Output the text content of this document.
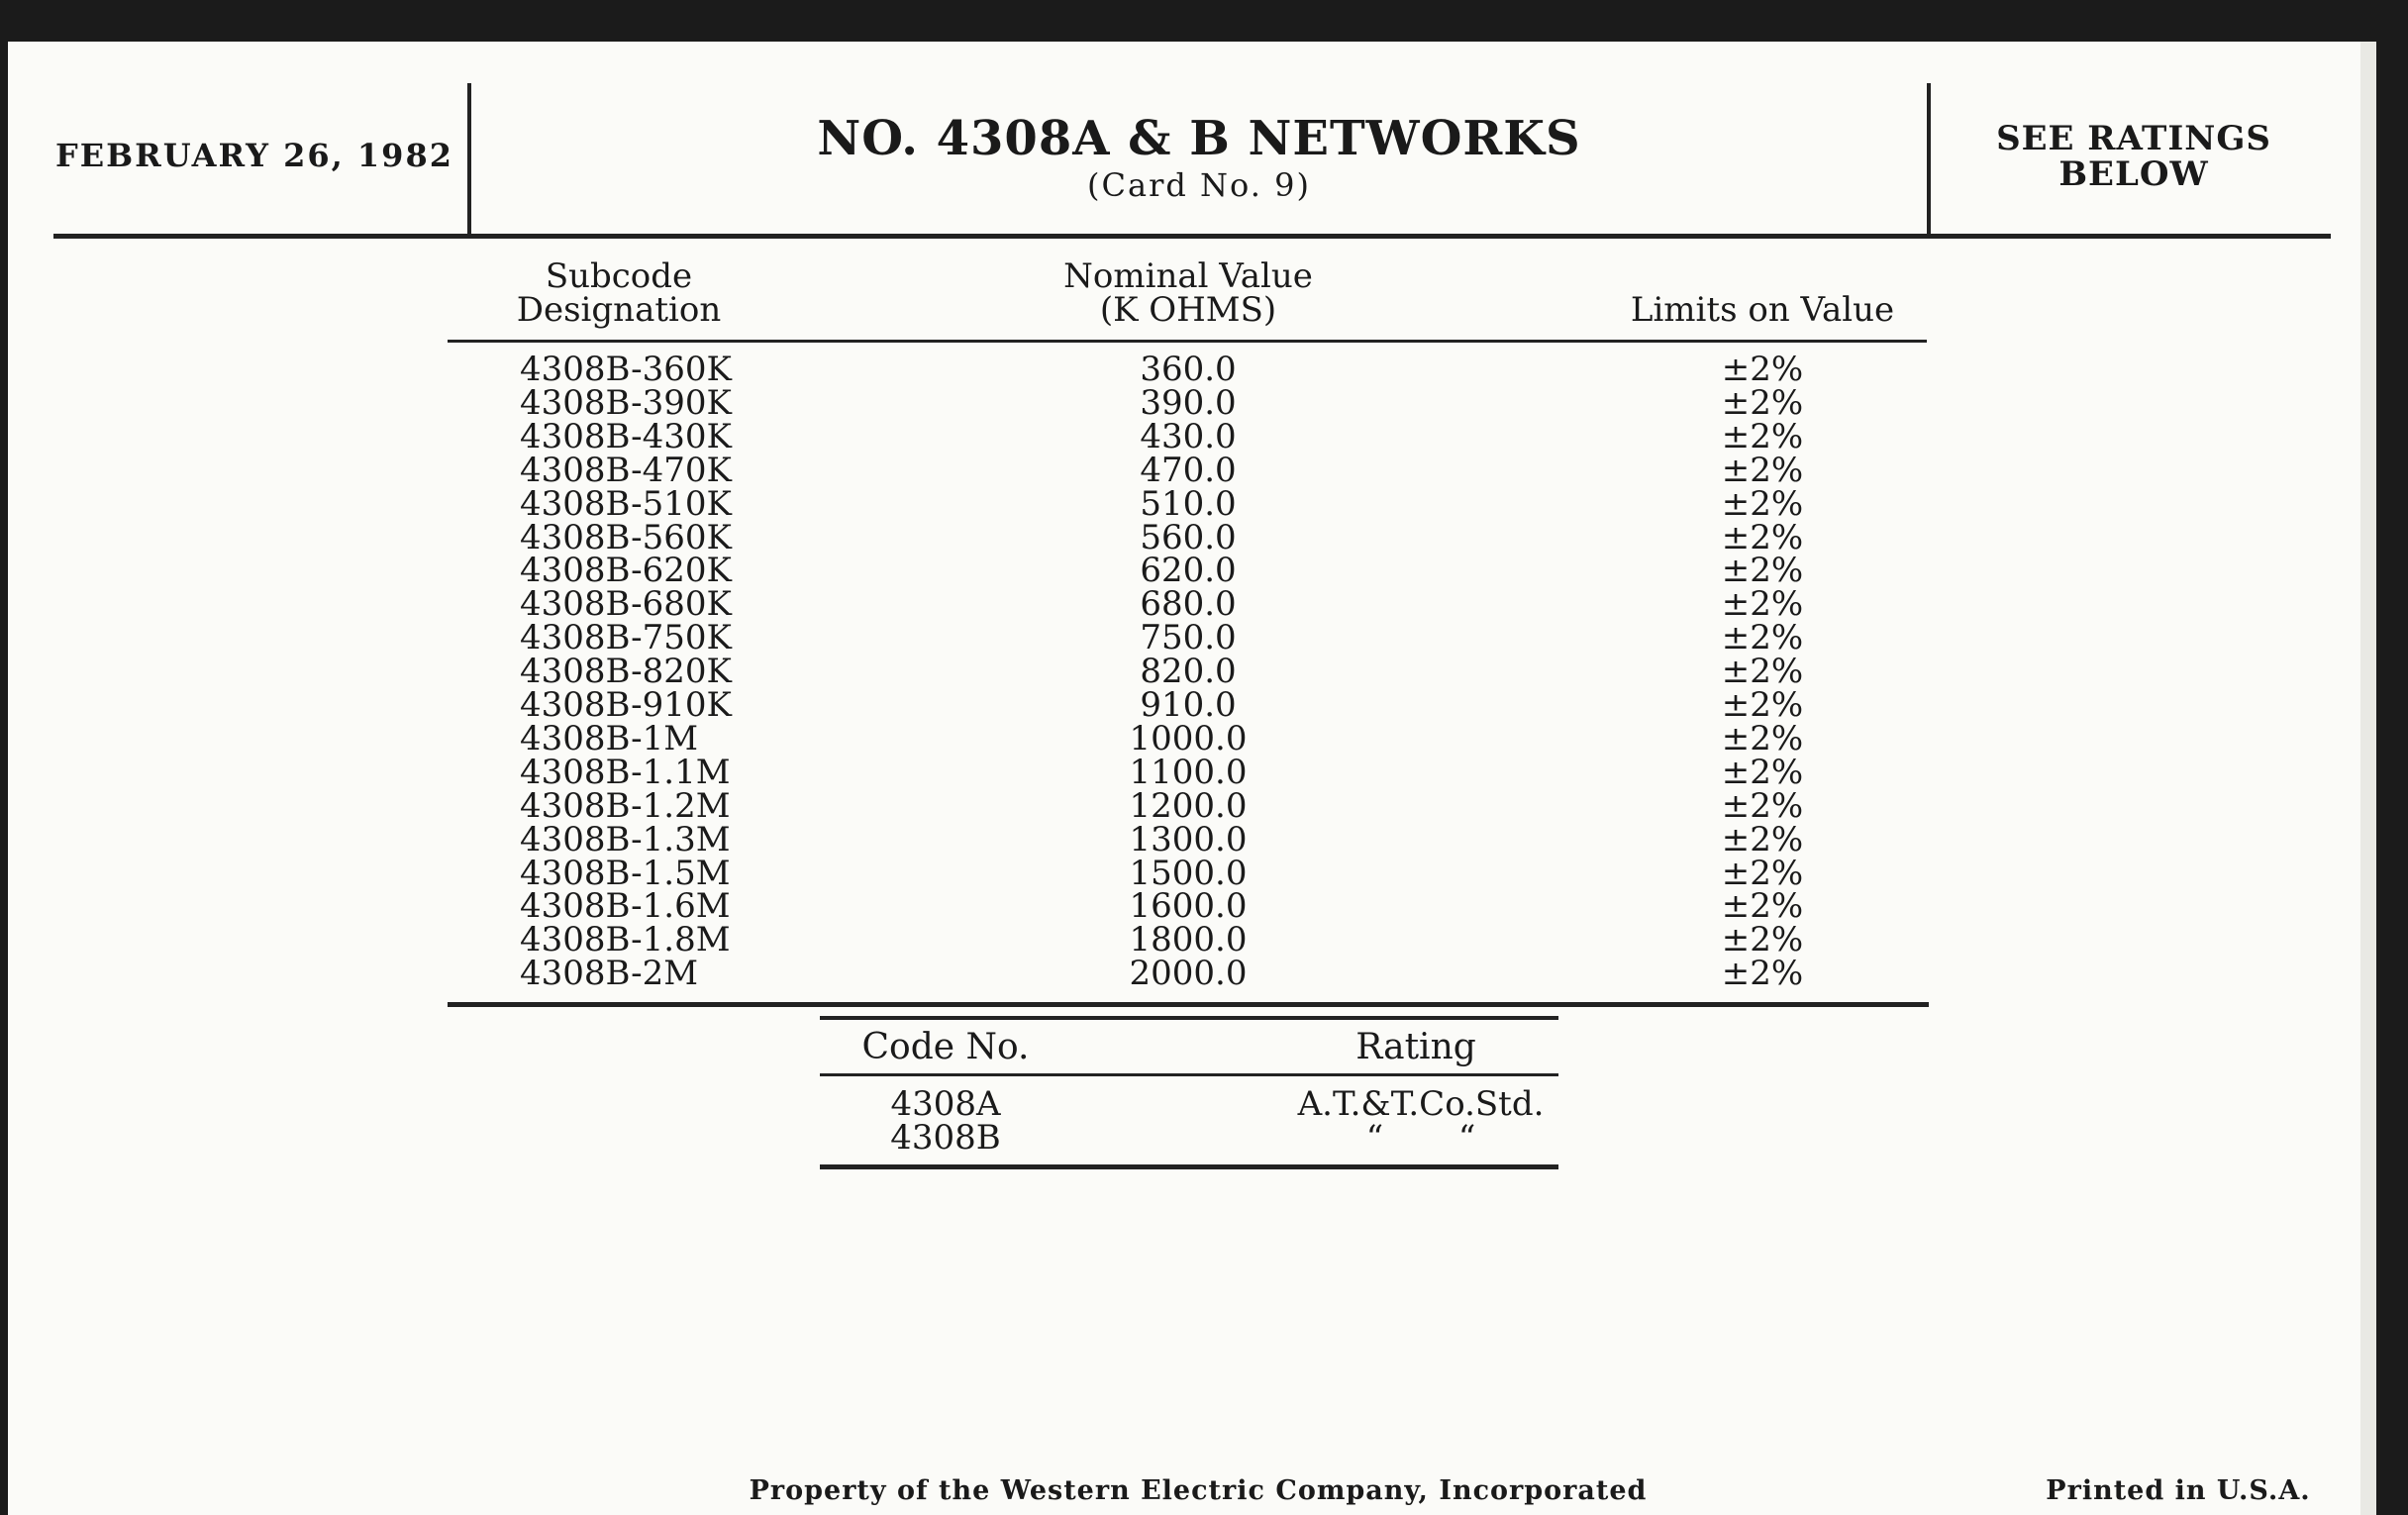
FEBRUARY 26, 1982	NO. 4308A & B NETWORKS
(Card No. 9)
SEE RATINGS
BELOW
Subcode
Designation
Nominal Value
(K OHMS)	Limits on Value
4308B-360K	360.0	±2%
4308B-390K	390.0	±2%
4308B-430K	430.0	±2%
4308B-470K	470.0	±2%
4308B-510K	510.0	±2%
4308B-560K	560.0	±2%
4308B-620K	620.0	±2%
4308B-680K	680.0	±2%
4308B-750K	750.0	±2%
4308B-820K	820.0	±2%
4308B-910K	910.0	±2%
4308B-1M	1000.0	±2%
4308B-1.1M	1100.0	±2%
4308B-1.2M	1200.0	±2%
4308B-1.3M	1300.0	±2%
4308B-1.5M	1500.0	±2%
4308B-1.6M	1600.0	±2%
4308B-1.8M	1800.0	±2%
4308B-2M	2000.0	±2%
Code No.	Rating
4308A	A.T.&T.Co.Std.
4308B	“       “
Property of the Western Electric Company, Incorporated	Printed in U.S.A.
